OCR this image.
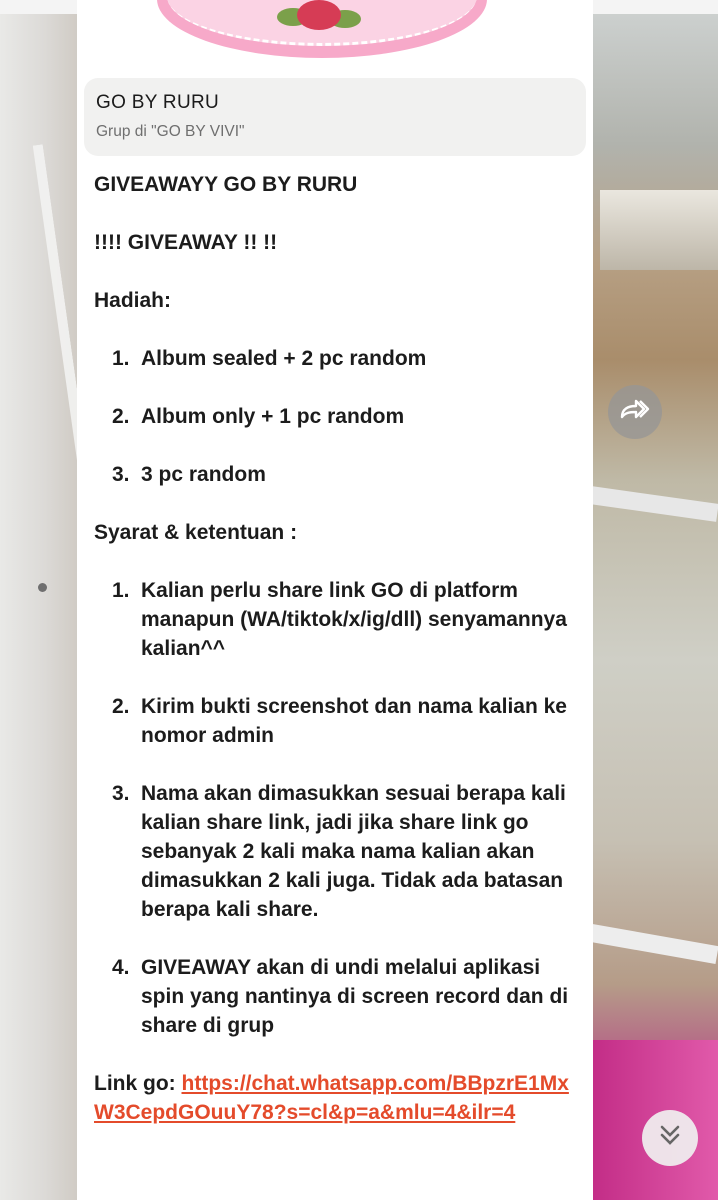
GO BY RURU
Grup di "GO BY VIVI"

GIVEAWAYY GO BY RURU

!!!! GIVEAWAY !! !!

Hadiah:

1. Album sealed + 2 pc random
2. Album only + 1 pc random
3. 3 pc random

Syarat & ketentuan :

1. Kalian perlu share link GO di platform manapun (WA/tiktok/x/ig/dll) senyamannya kalian^^
2. Kirim bukti screenshot dan nama kalian ke nomor admin
3. Nama akan dimasukkan sesuai berapa kali kalian share link, jadi jika share link go sebanyak 2 kali maka nama kalian akan dimasukkan 2 kali juga. Tidak ada batasan berapa kali share.
4. GIVEAWAY akan di undi melalui aplikasi spin yang nantinya di screen record dan di share di grup

Link go: https://chat.whatsapp.com/BBpzrE1MxW3CepdGOuuY78?s=cl&p=a&mlu=4&ilr=4
